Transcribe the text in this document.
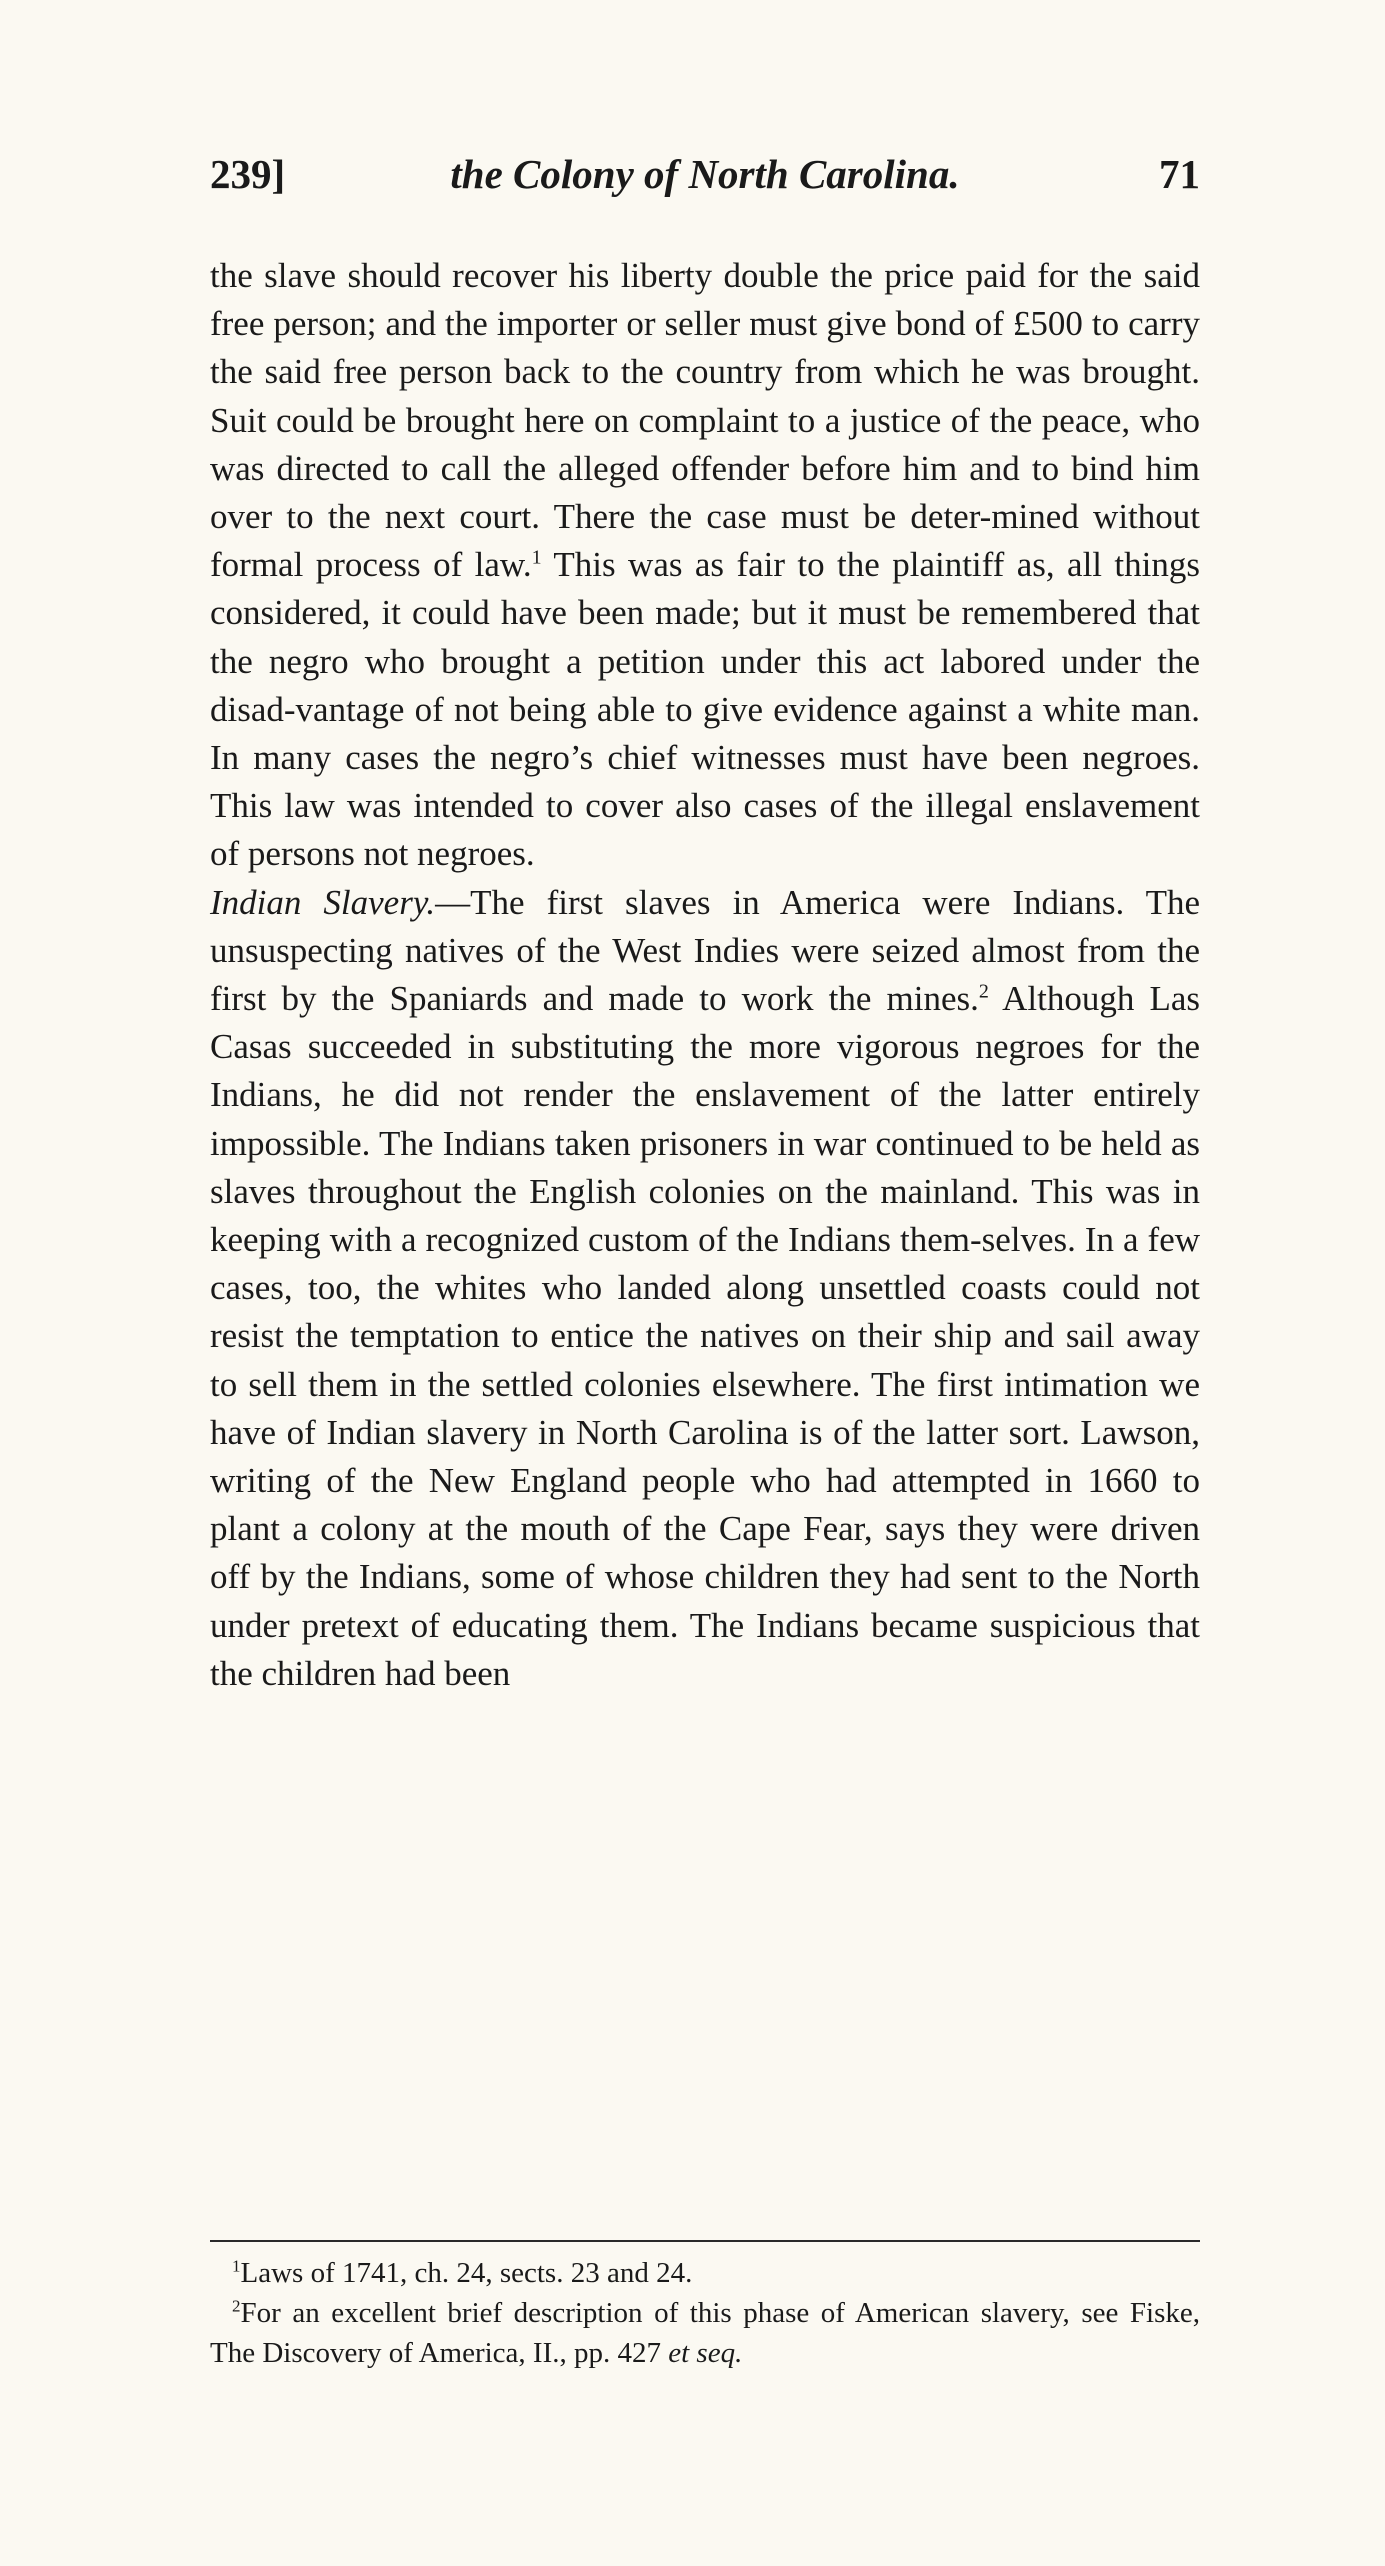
239]	the Colony of North Carolina.	71

the slave should recover his liberty double the price paid for the said free person; and the importer or seller must give bond of £500 to carry the said free person back to the country from which he was brought. Suit could be brought here on complaint to a justice of the peace, who was directed to call the alleged offender before him and to bind him over to the next court. There the case must be deter-mined without formal process of law.$^1$ This was as fair to the plaintiff as, all things considered, it could have been made; but it must be remembered that the negro who brought a petition under this act labored under the disad-vantage of not being able to give evidence against a white man. In many cases the negro’s chief witnesses must have been negroes. This law was intended to cover also cases of the illegal enslavement of persons not negroes.

Indian Slavery.—The first slaves in America were Indians. The unsuspecting natives of the West Indies were seized almost from the first by the Spaniards and made to work the mines.$^2$ Although Las Casas succeeded in substituting the more vigorous negroes for the Indians, he did not render the enslavement of the latter entirely impossible. The Indians taken prisoners in war continued to be held as slaves throughout the English colonies on the mainland. This was in keeping with a recognized custom of the Indians them-selves. In a few cases, too, the whites who landed along unsettled coasts could not resist the temptation to entice the natives on their ship and sail away to sell them in the settled colonies elsewhere. The first intimation we have of Indian slavery in North Carolina is of the latter sort. Lawson, writing of the New England people who had attempted in 1660 to plant a colony at the mouth of the Cape Fear, says they were driven off by the Indians, some of whose children they had sent to the North under pretext of educating them. The Indians became suspicious that the children had been

$^1$Laws of 1741, ch. 24, sects. 23 and 24.

$^2$For an excellent brief description of this phase of American slavery, see Fiske, The Discovery of America, II., pp. 427 et seq.
